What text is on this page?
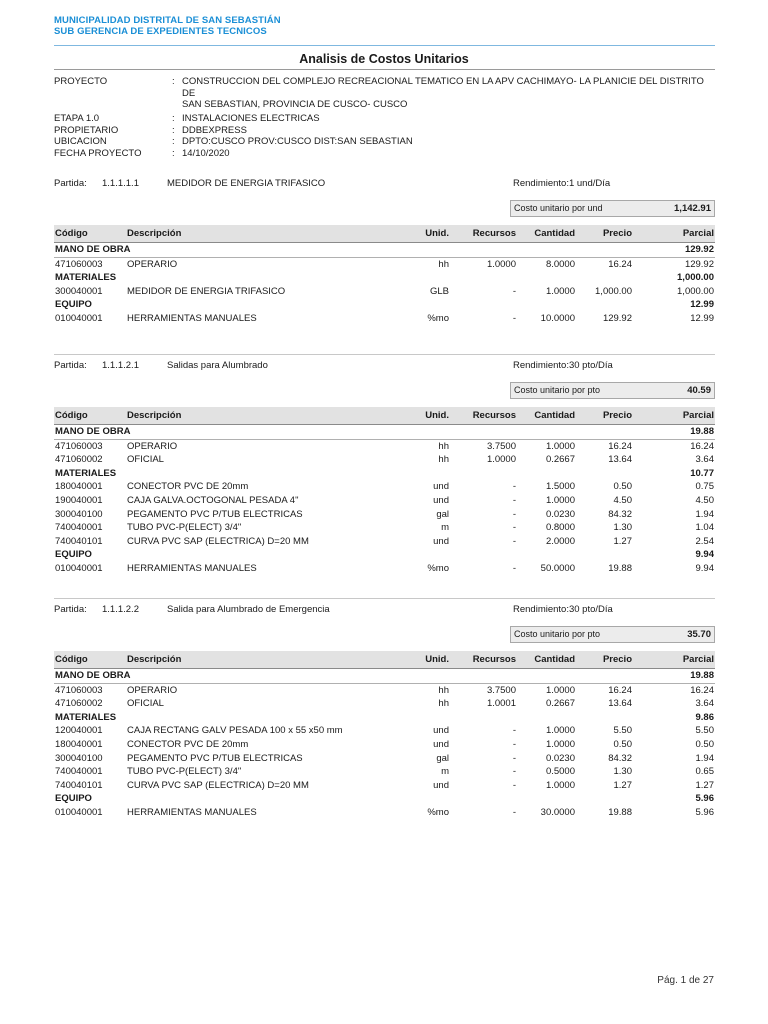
MUNICIPALIDAD DISTRITAL DE SAN SEBASTIÁN
SUB GERENCIA DE EXPEDIENTES TECNICOS
Analisis de Costos Unitarios
PROYECTO	: CONSTRUCCION DEL COMPLEJO RECREACIONAL TEMATICO EN LA APV CACHIMAYO- LA PLANICIE DEL DISTRITO DE
SAN SEBASTIAN, PROVINCIA DE CUSCO- CUSCO
ETAPA 1.0	: INSTALACIONES ELECTRICAS
PROPIETARIO	: DDBEXPRESS
UBICACION	: DPTO:CUSCO PROV:CUSCO DIST:SAN SEBASTIAN
FECHA PROYECTO	: 14/10/2020
Partida: 1.1.1.1.1	MEDIDOR DE ENERGIA TRIFASICO	Rendimiento:1 und/Día
Costo unitario por und	1,142.91
Código	Descripción	Unid. Recursos Cantidad	Precio	Parcial
MANO DE OBRA	129.92
471060003	OPERARIO	hh	1.0000	8.0000	16.24	129.92
MATERIALES	1,000.00
300040001	MEDIDOR DE ENERGIA TRIFASICO	GLB	-	1.0000 1,000.00	1,000.00
EQUIPO	12.99
010040001	HERRAMIENTAS MANUALES	%mo	-	10.0000	129.92	12.99
Partida: 1.1.1.2.1	Salidas para Alumbrado	Rendimiento:30 pto/Día
Costo unitario por pto	40.59
Código	Descripción	Unid. Recursos Cantidad	Precio	Parcial
MANO DE OBRA	19.88
471060003	OPERARIO	hh	3.7500	1.0000	16.24	16.24
471060002	OFICIAL	hh	1.0000	0.2667	13.64	3.64
MATERIALES	10.77
180040001	CONECTOR PVC DE 20mm	und	-	1.5000	0.50	0.75
190040001	CAJA GALVA.OCTOGONAL PESADA 4"	und	-	1.0000	4.50	4.50
300040100	PEGAMENTO PVC P/TUB ELECTRICAS	gal	-	0.0230	84.32	1.94
740040001	TUBO PVC-P(ELECT) 3/4"	m	-	0.8000	1.30	1.04
740040101	CURVA PVC SAP (ELECTRICA) D=20 MM	und	-	2.0000	1.27	2.54
EQUIPO	9.94
010040001	HERRAMIENTAS MANUALES	%mo	-	50.0000	19.88	9.94
Partida: 1.1.1.2.2	Salida para Alumbrado de Emergencia	Rendimiento:30 pto/Día
Costo unitario por pto	35.70
Código	Descripción	Unid. Recursos Cantidad	Precio	Parcial
MANO DE OBRA	19.88
471060003	OPERARIO	hh	3.7500	1.0000	16.24	16.24
471060002	OFICIAL	hh	1.0001	0.2667	13.64	3.64
MATERIALES	9.86
120040001	CAJA RECTANG GALV PESADA 100 x 55 x50 mm	und	-	1.0000	5.50	5.50
180040001	CONECTOR PVC DE 20mm	und	-	1.0000	0.50	0.50
300040100	PEGAMENTO PVC P/TUB ELECTRICAS	gal	-	0.0230	84.32	1.94
740040001	TUBO PVC-P(ELECT) 3/4"	m	-	0.5000	1.30	0.65
740040101	CURVA PVC SAP (ELECTRICA) D=20 MM	und	-	1.0000	1.27	1.27
EQUIPO	5.96
010040001	HERRAMIENTAS MANUALES	%mo	-	30.0000	19.88	5.96
Pág. 1 de 27
